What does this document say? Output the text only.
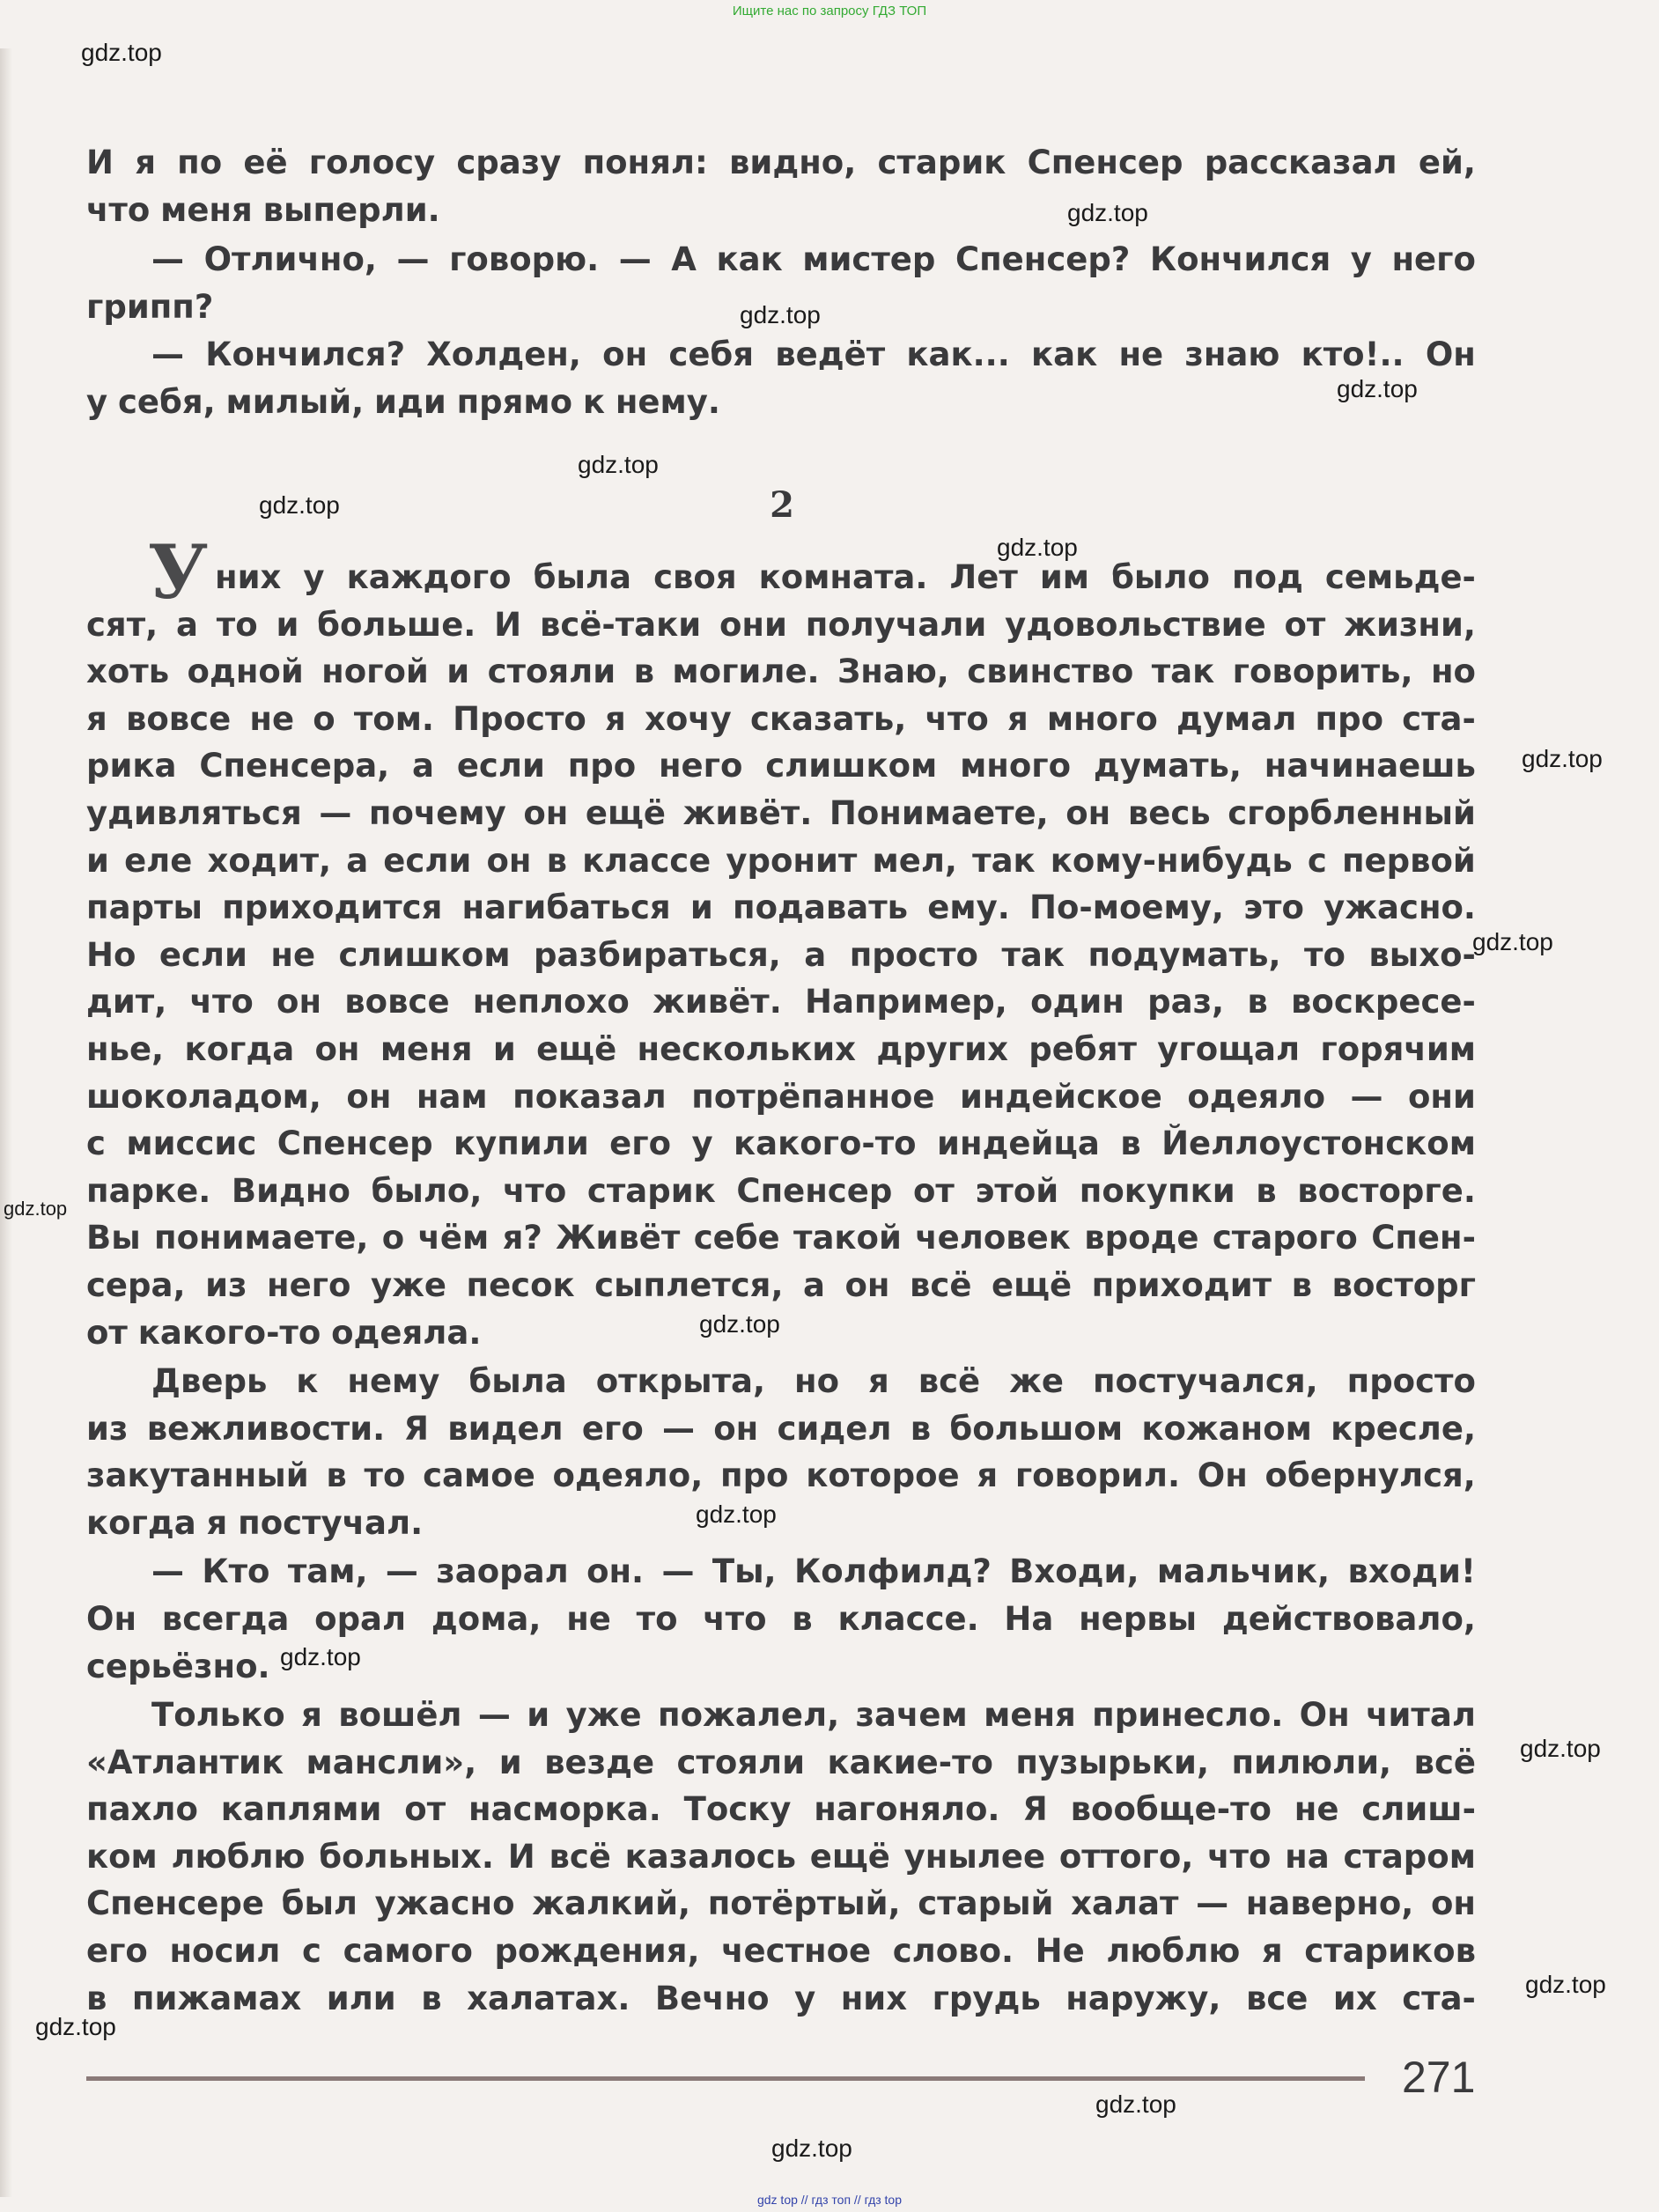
Ищите нас по запросу ГДЗ ТОП
2
У
И я по её голосу сразу понял: видно, старик Спенсер рассказал ей,
что меня выперли.
— Отлично, — говорю. — А как мистер Спенсер? Кончился у него
грипп?
— Кончился? Холден, он себя ведёт как... как не знаю кто!.. Он
у себя, милый, иди прямо к нему.
них у каждого была своя комната. Лет им было под семьде-
сят, а то и больше. И всё-таки они получали удовольствие от жизни,
хоть одной ногой и стояли в могиле. Знаю, свинство так говорить, но
я вовсе не о том. Просто я хочу сказать, что я много думал про ста-
рика Спенсера, а если про него слишком много думать, начинаешь
удивляться — почему он ещё живёт. Понимаете, он весь сгорбленный
и еле ходит, а если он в классе уронит мел, так кому-нибудь с первой
парты приходится нагибаться и подавать ему. По-моему, это ужасно.
Но если не слишком разбираться, а просто так подумать, то выхо-
дит, что он вовсе неплохо живёт. Например, один раз, в воскресе-
нье, когда он меня и ещё нескольких других ребят угощал горячим
шоколадом, он нам показал потрёпанное индейское одеяло — они
с миссис Спенсер купили его у какого-то индейца в Йеллоустонском
парке. Видно было, что старик Спенсер от этой покупки в восторге.
Вы понимаете, о чём я? Живёт себе такой человек вроде старого Спен-
сера, из него уже песок сыплется, а он всё ещё приходит в восторг
от какого-то одеяла.
Дверь к нему была открыта, но я всё же постучался, просто
из вежливости. Я видел его — он сидел в большом кожаном кресле,
закутанный в то самое одеяло, про которое я говорил. Он обернулся,
когда я постучал.
— Кто там, — заорал он. — Ты, Колфилд? Входи, мальчик, входи!
Он всегда орал дома, не то что в классе. На нервы действовало,
серьёзно.
Только я вошёл — и уже пожалел, зачем меня принесло. Он читал
«Атлантик мансли», и везде стояли какие-то пузырьки, пилюли, всё
пахло каплями от насморка. Тоску нагоняло. Я вообще-то не слиш-
ком люблю больных. И всё казалось ещё унылее оттого, что на старом
Спенсере был ужасно жалкий, потёртый, старый халат — наверно, он
его носил с самого рождения, честное слово. Не люблю я стариков
в пижамах или в халатах. Вечно у них грудь наружу, все их ста-
271
gdz.top
gdz.top
gdz.top
gdz.top
gdz.top
gdz.top
gdz.top
gdz.top
gdz.top
gdz.top
gdz.top
gdz.top
gdz.top
gdz.top
gdz.top
gdz.top
gdz.top
gdz.top
gdz top // гдз топ // гдз top
